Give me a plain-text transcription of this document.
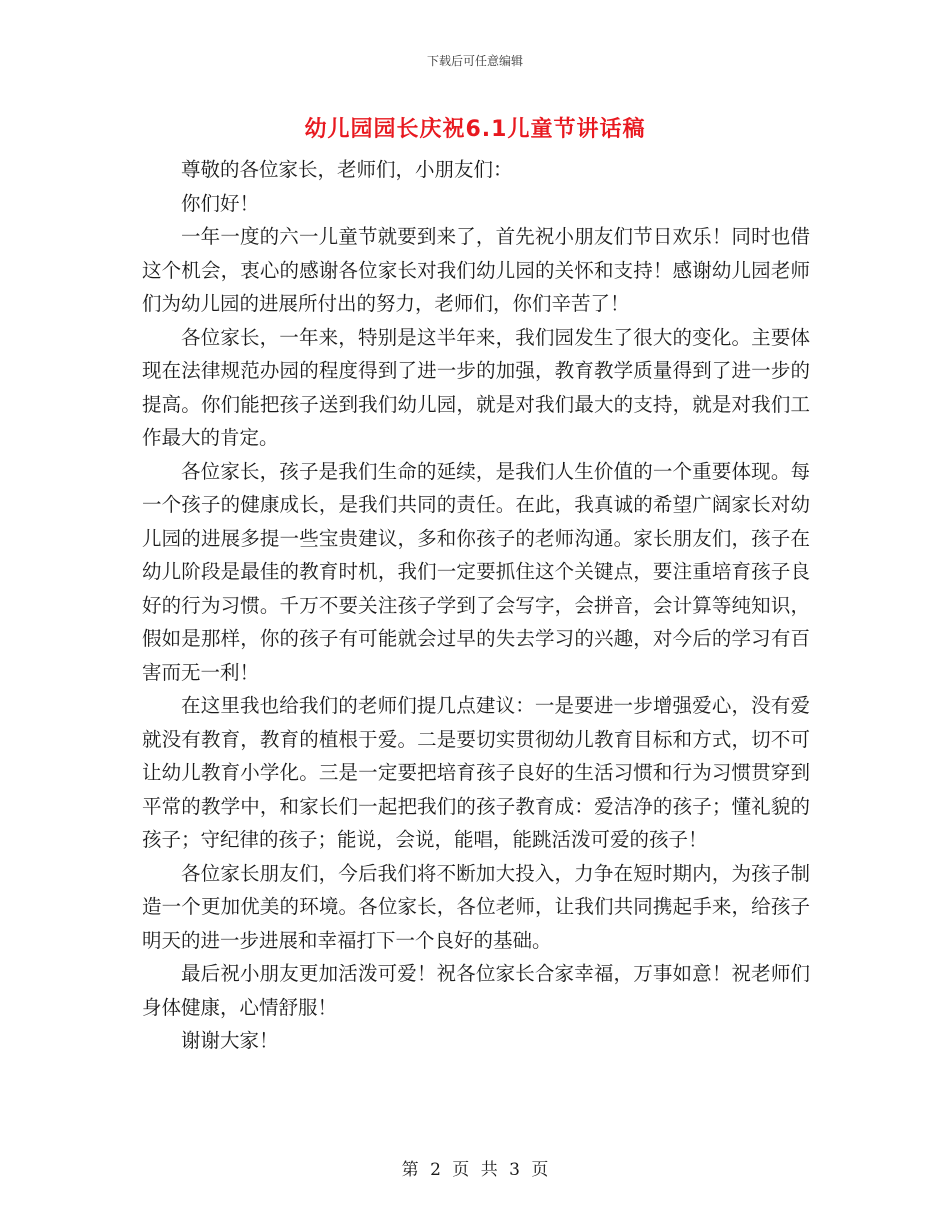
下载后可任意编辑
幼儿园园长庆祝6.1儿童节讲话稿

尊敬的各位家长，老师们，小朋友们：

你们好！

一年一度的六一儿童节就要到来了，首先祝小朋友们节日欢乐！同时也借这个机会，衷心的感谢各位家长对我们幼儿园的关怀和支持！感谢幼儿园老师们为幼儿园的进展所付出的努力，老师们，你们辛苦了！

各位家长，一年来，特别是这半年来，我们园发生了很大的变化。主要体现在法律规范办园的程度得到了进一步的加强，教育教学质量得到了进一步的提高。你们能把孩子送到我们幼儿园，就是对我们最大的支持，就是对我们工作最大的肯定。

各位家长，孩子是我们生命的延续，是我们人生价值的一个重要体现。每一个孩子的健康成长，是我们共同的责任。在此，我真诚的希望广阔家长对幼儿园的进展多提一些宝贵建议，多和你孩子的老师沟通。家长朋友们，孩子在幼儿阶段是最佳的教育时机，我们一定要抓住这个关键点，要注重培育孩子良好的行为习惯。千万不要关注孩子学到了会写字，会拼音，会计算等纯知识，假如是那样，你的孩子有可能就会过早的失去学习的兴趣，对今后的学习有百害而无一利！

在这里我也给我们的老师们提几点建议：一是要进一步增强爱心，没有爱就没有教育，教育的植根于爱。二是要切实贯彻幼儿教育目标和方式，切不可让幼儿教育小学化。三是一定要把培育孩子良好的生活习惯和行为习惯贯穿到平常的教学中，和家长们一起把我们的孩子教育成：爱洁净的孩子；懂礼貌的孩子；守纪律的孩子；能说，会说，能唱，能跳活泼可爱的孩子！

各位家长朋友们，今后我们将不断加大投入，力争在短时期内，为孩子制造一个更加优美的环境。各位家长，各位老师，让我们共同携起手来，给孩子明天的进一步进展和幸福打下一个良好的基础。

最后祝小朋友更加活泼可爱！祝各位家长合家幸福，万事如意！祝老师们身体健康，心情舒服！

谢谢大家！

第 2 页 共 3 页
